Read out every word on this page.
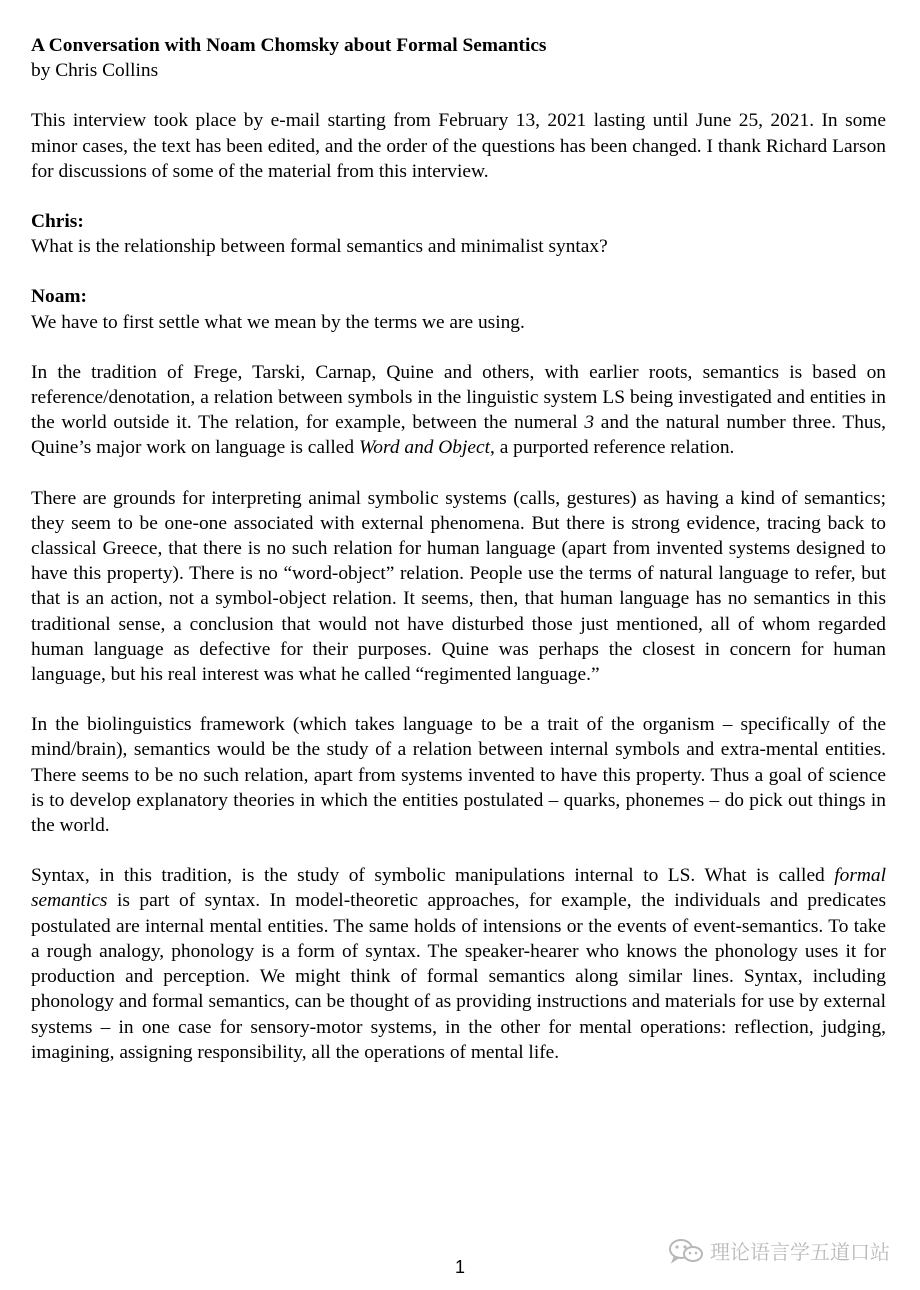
A Conversation with Noam Chomsky about Formal Semantics
by Chris Collins

This interview took place by e-mail starting from February 13, 2021 lasting until June 25, 2021. In some minor cases, the text has been edited, and the order of the questions has been changed. I thank Richard Larson for discussions of some of the material from this interview.

Chris:
What is the relationship between formal semantics and minimalist syntax?
Noam:
We have to first settle what we mean by the terms we are using.

In the tradition of Frege, Tarski, Carnap, Quine and others, with earlier roots, semantics is based on reference/denotation, a relation between symbols in the linguistic system LS being investigated and entities in the world outside it. The relation, for example, between the numeral 3 and the natural number three. Thus, Quine’s major work on language is called Word and Object, a purported reference relation.

There are grounds for interpreting animal symbolic systems (calls, gestures) as having a kind of semantics; they seem to be one-one associated with external phenomena. But there is strong evidence, tracing back to classical Greece, that there is no such relation for human language (apart from invented systems designed to have this property). There is no “word-object” relation. People use the terms of natural language to refer, but that is an action, not a symbol-object relation. It seems, then, that human language has no semantics in this traditional sense, a conclusion that would not have disturbed those just mentioned, all of whom regarded human language as defective for their purposes. Quine was perhaps the closest in concern for human language, but his real interest was what he called “regimented language.”

In the biolinguistics framework (which takes language to be a trait of the organism – specifically of the mind/brain), semantics would be the study of a relation between internal symbols and extra-mental entities. There seems to be no such relation, apart from systems invented to have this property. Thus a goal of science is to develop explanatory theories in which the entities postulated – quarks, phonemes – do pick out things in the world.

Syntax, in this tradition, is the study of symbolic manipulations internal to LS. What is called formal semantics is part of syntax. In model-theoretic approaches, for example, the individuals and predicates postulated are internal mental entities. The same holds of intensions or the events of event-semantics. To take a rough analogy, phonology is a form of syntax. The speaker-hearer who knows the phonology uses it for production and perception. We might think of formal semantics along similar lines. Syntax, including phonology and formal semantics, can be thought of as providing instructions and materials for use by external systems – in one case for sensory-motor systems, in the other for mental operations: reflection, judging, imagining, assigning responsibility, all the operations of mental life.

理论语言学五道口站
1
